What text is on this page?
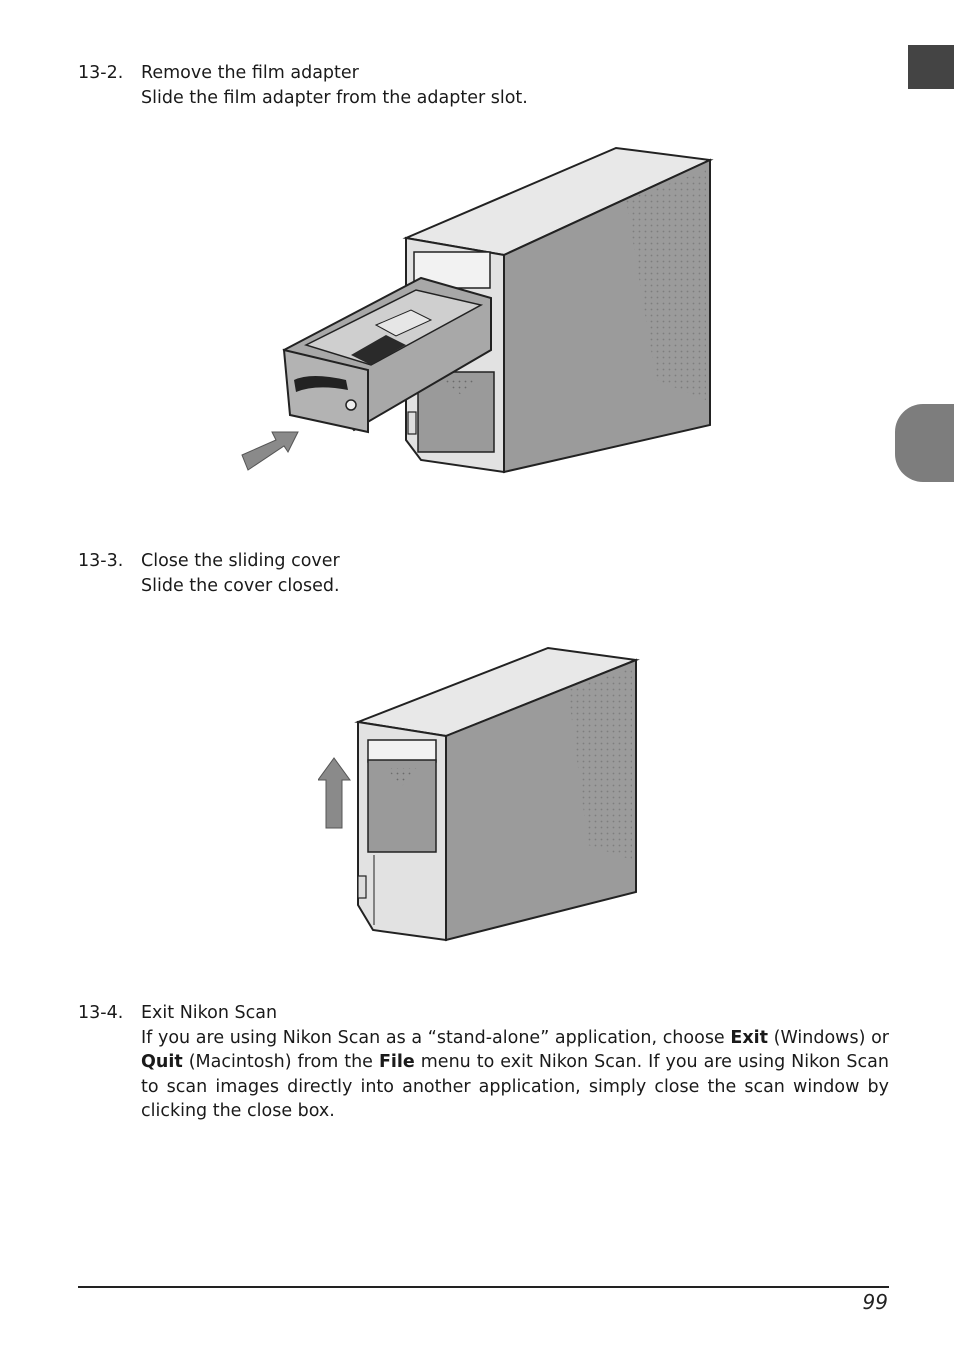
13-2. Remove the film adapter
Slide the film adapter from the adapter slot.
13-3. Close the sliding cover
Slide the cover closed.
13-4. Exit Nikon Scan
If you are using Nikon Scan as a “stand-alone” application, choose Exit (Windows) or Quit (Macintosh) from the File menu to exit Nikon Scan. If you are using Nikon Scan to scan images directly into another application, simply close the scan window by clicking the close box.
99
